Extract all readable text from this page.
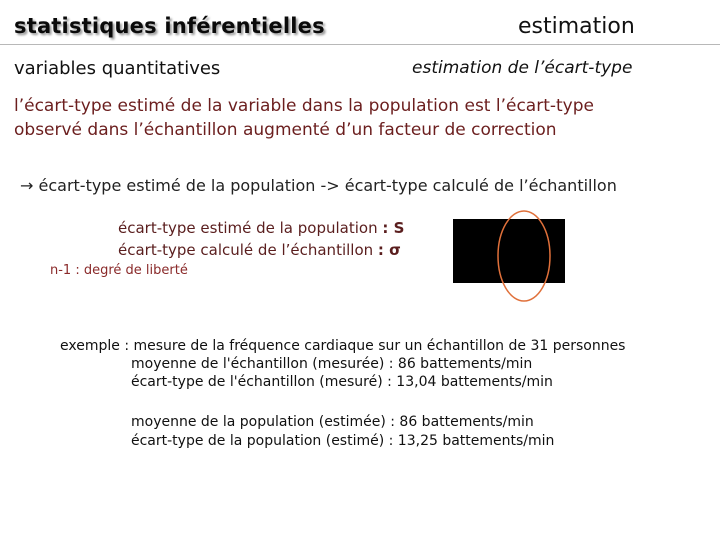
statistiques inférentielles	estimation
variables quantitatives	estimation de l’écart-type
l’écart-type estimé de la variable dans la population est l’écart-type
observé dans l’échantillon augmenté d’un facteur de correction
→ écart-type estimé de la population -> écart-type calculé de l’échantillon
écart-type estimé de la population : S
écart-type calculé de l’échantillon : σ
n-1 : degré de liberté
exemple : mesure de la fréquence cardiaque sur un échantillon de 31 personnes
moyenne de l'échantillon (mesurée) : 86 battements/min
écart-type de l'échantillon (mesuré) : 13,04 battements/min
moyenne de la population (estimée) : 86 battements/min
écart-type de la population (estimé) : 13,25 battements/min
